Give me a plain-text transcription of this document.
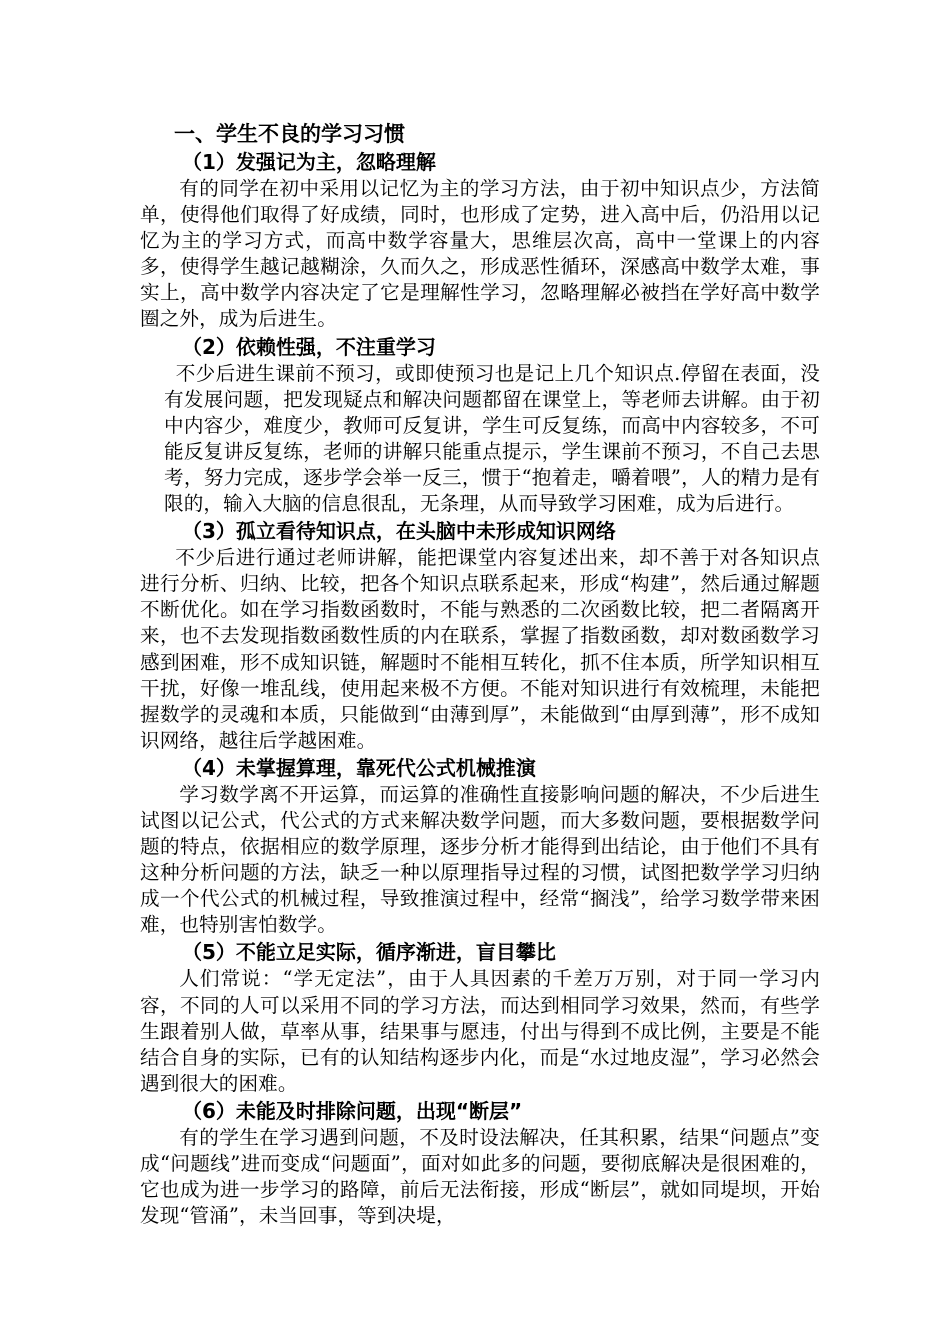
一、学生不良的学习习惯
（1）发强记为主，忽略理解

有的同学在初中采用以记忆为主的学习方法，由于初中知识点少，方法简单，使得他们取得了好成绩，同时，也形成了定势，进入高中后，仍沿用以记忆为主的学习方式，而高中数学容量大，思维层次高，高中一堂课上的内容多，使得学生越记越糊涂，久而久之，形成恶性循环，深感高中数学太难，事实上，高中数学内容决定了它是理解性学习，忽略理解必被挡在学好高中数学圈之外，成为后进生。

（2）依赖性强，不注重学习

不少后进生课前不预习，或即使预习也是记上几个知识点.停留在表面，没有发展问题，把发现疑点和解决问题都留在课堂上，等老师去讲解。由于初中内容少，难度少，教师可反复讲，学生可反复练，而高中内容较多，不可能反复讲反复练，老师的讲解只能重点提示，学生课前不预习，不自己去思考，努力完成，逐步学会举一反三，惯于“抱着走，嚼着喂”，人的精力是有限的，输入大脑的信息很乱，无条理，从而导致学习困难，成为后进行。

（3）孤立看待知识点，在头脑中未形成知识网络

不少后进行通过老师讲解，能把课堂内容复述出来，却不善于对各知识点进行分析、归纳、比较，把各个知识点联系起来，形成“构建”，然后通过解题不断优化。如在学习指数函数时，不能与熟悉的二次函数比较，把二者隔离开来，也不去发现指数函数性质的内在联系，掌握了指数函数，却对数函数学习感到困难，形不成知识链，解题时不能相互转化，抓不住本质，所学知识相互干扰，好像一堆乱线，使用起来极不方便。不能对知识进行有效梳理，未能把握数学的灵魂和本质，只能做到“由薄到厚”，未能做到“由厚到薄”，形不成知识网络，越往后学越困难。

（4）未掌握算理，靠死代公式机械推演

学习数学离不开运算，而运算的准确性直接影响问题的解决，不少后进生试图以记公式，代公式的方式来解决数学问题，而大多数问题，要根据数学问题的特点，依据相应的数学原理，逐步分析才能得到出结论，由于他们不具有这种分析问题的方法，缺乏一种以原理指导过程的习惯，试图把数学学习归纳成一个代公式的机械过程，导致推演过程中，经常“搁浅”，给学习数学带来困难，也特别害怕数学。

（5）不能立足实际，循序渐进，盲目攀比

人们常说：“学无定法”，由于人具因素的千差万万别，对于同一学习内容，不同的人可以采用不同的学习方法，而达到相同学习效果，然而，有些学生跟着别人做，草率从事，结果事与愿违，付出与得到不成比例，主要是不能结合自身的实际，已有的认知结构逐步内化，而是“水过地皮湿”，学习必然会遇到很大的困难。

（6）未能及时排除问题，出现“断层”

有的学生在学习遇到问题，不及时设法解决，任其积累，结果“问题点”变成“问题线”进而变成“问题面”，面对如此多的问题，要彻底解决是很困难的，它也成为进一步学习的路障，前后无法衔接，形成“断层”，就如同堤坝，开始发现“管涌”，未当回事，等到决堤，
